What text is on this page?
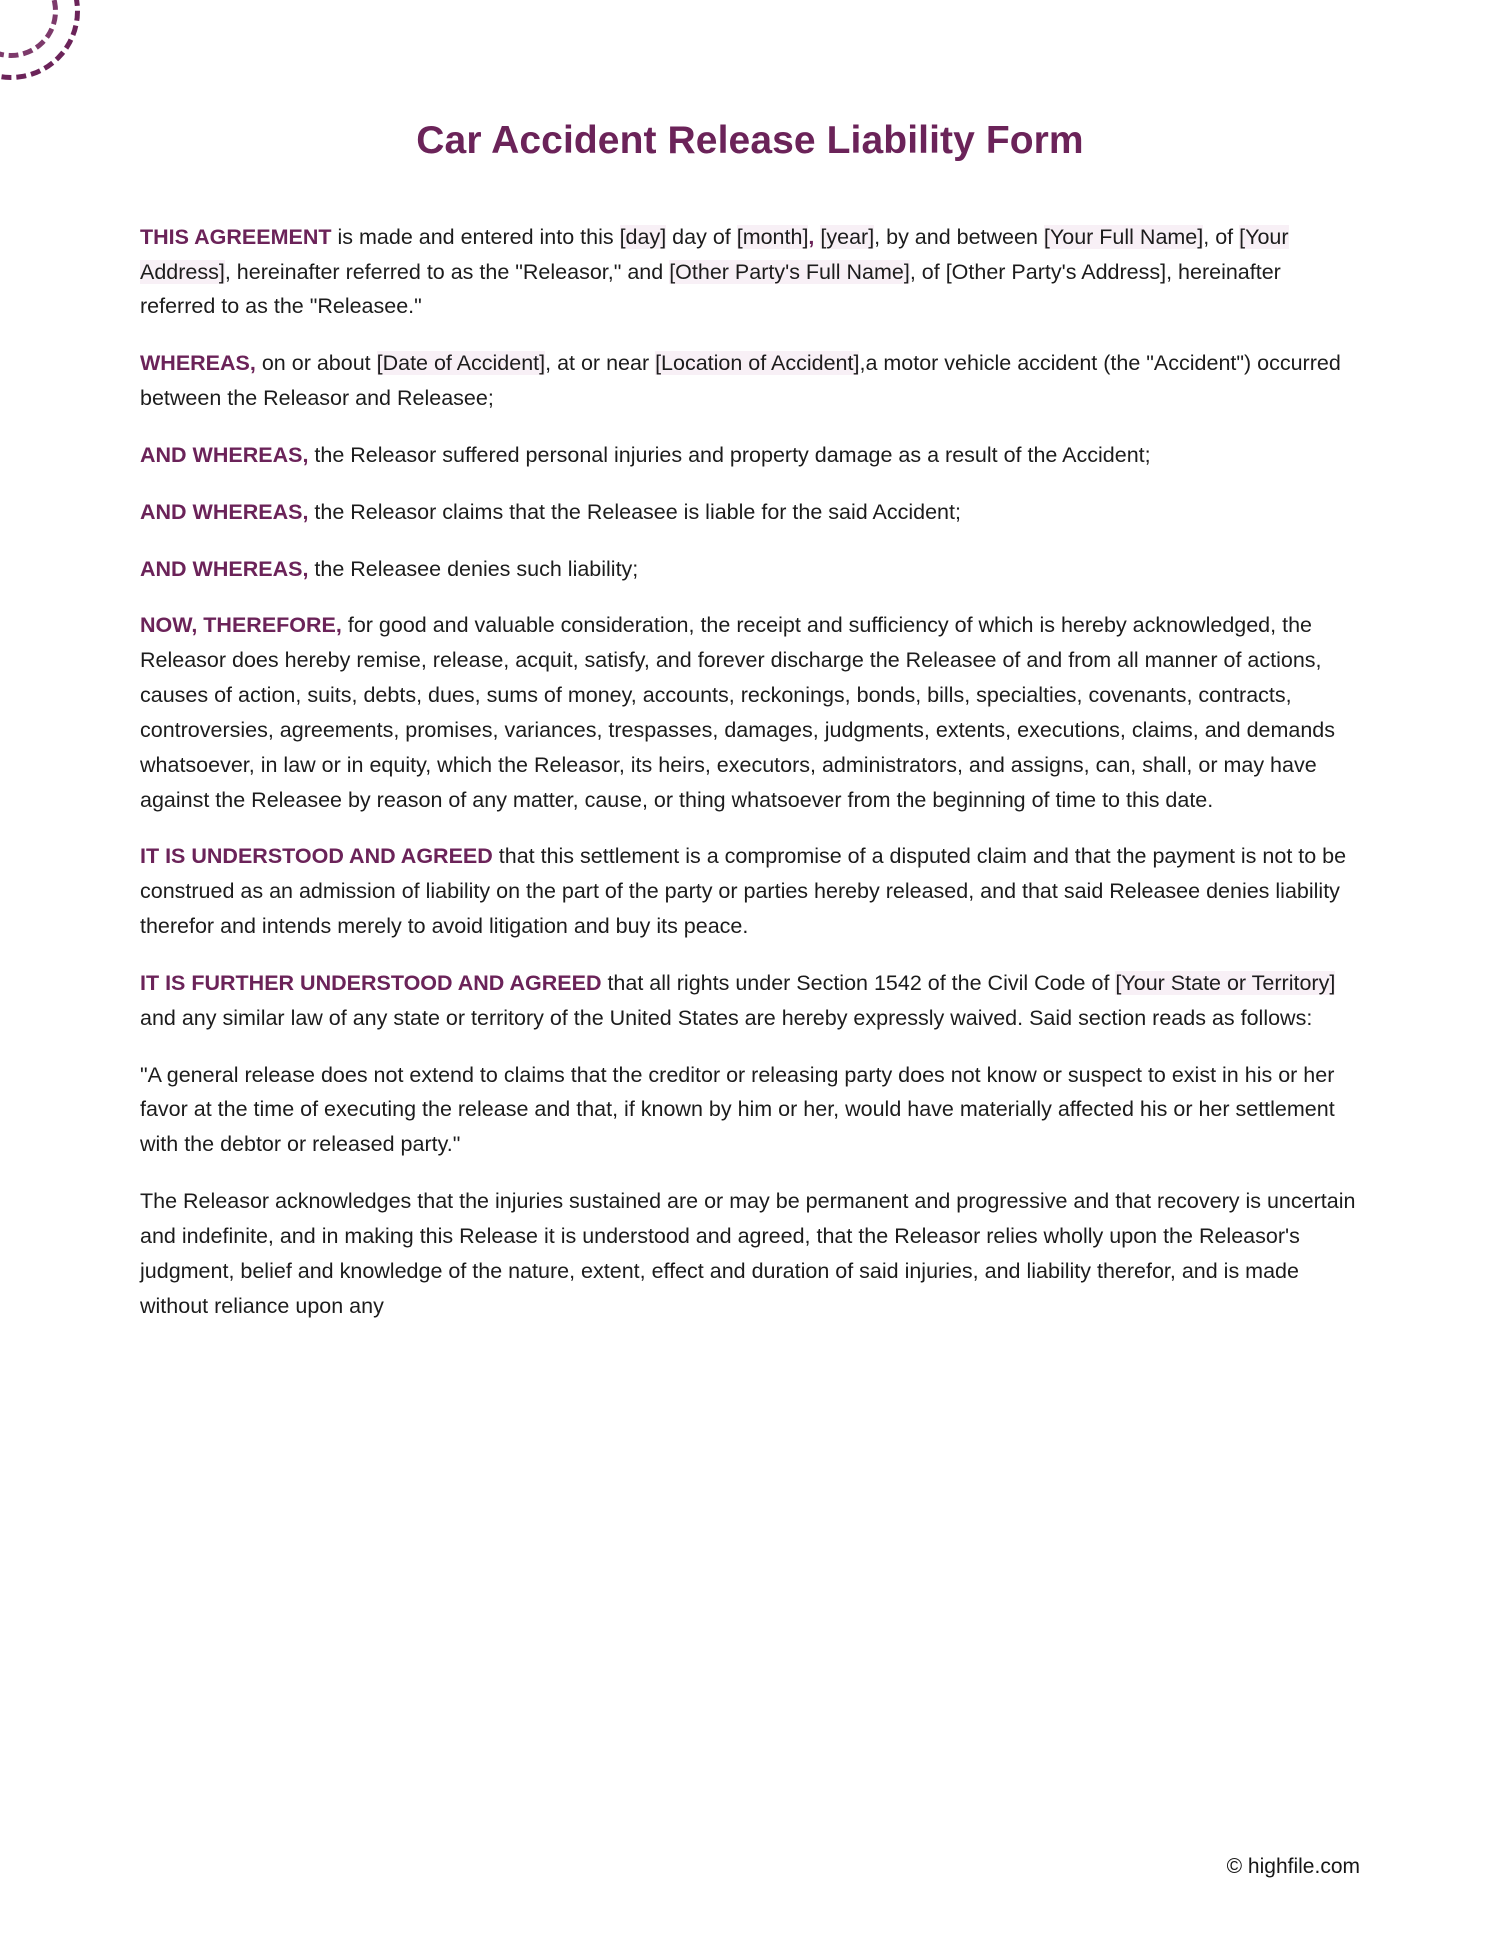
Car Accident Release Liability Form

THIS AGREEMENT is made and entered into this [day] day of [month], [year], by and between [Your Full Name], of [Your Address], hereinafter referred to as the "Releasor," and [Other Party's Full Name], of [Other Party's Address], hereinafter referred to as the "Releasee."

WHEREAS, on or about [Date of Accident], at or near [Location of Accident],a motor vehicle accident (the "Accident") occurred between the Releasor and Releasee;

AND WHEREAS, the Releasor suffered personal injuries and property damage as a result of the Accident;

AND WHEREAS, the Releasor claims that the Releasee is liable for the said Accident;

AND WHEREAS, the Releasee denies such liability;

NOW, THEREFORE, for good and valuable consideration, the receipt and sufficiency of which is hereby acknowledged, the Releasor does hereby remise, release, acquit, satisfy, and forever discharge the Releasee of and from all manner of actions, causes of action, suits, debts, dues, sums of money, accounts, reckonings, bonds, bills, specialties, covenants, contracts, controversies, agreements, promises, variances, trespasses, damages, judgments, extents, executions, claims, and demands whatsoever, in law or in equity, which the Releasor, its heirs, executors, administrators, and assigns, can, shall, or may have against the Releasee by reason of any matter, cause, or thing whatsoever from the beginning of time to this date.

IT IS UNDERSTOOD AND AGREED that this settlement is a compromise of a disputed claim and that the payment is not to be construed as an admission of liability on the part of the party or parties hereby released, and that said Releasee denies liability therefor and intends merely to avoid litigation and buy its peace.

IT IS FURTHER UNDERSTOOD AND AGREED that all rights under Section 1542 of the Civil Code of [Your State or Territory] and any similar law of any state or territory of the United States are hereby expressly waived. Said section reads as follows:

"A general release does not extend to claims that the creditor or releasing party does not know or suspect to exist in his or her favor at the time of executing the release and that, if known by him or her, would have materially affected his or her settlement with the debtor or released party."

The Releasor acknowledges that the injuries sustained are or may be permanent and progressive and that recovery is uncertain and indefinite, and in making this Release it is understood and agreed, that the Releasor relies wholly upon the Releasor's judgment, belief and knowledge of the nature, extent, effect and duration of said injuries, and liability therefor, and is made without reliance upon any

© highfile.com
